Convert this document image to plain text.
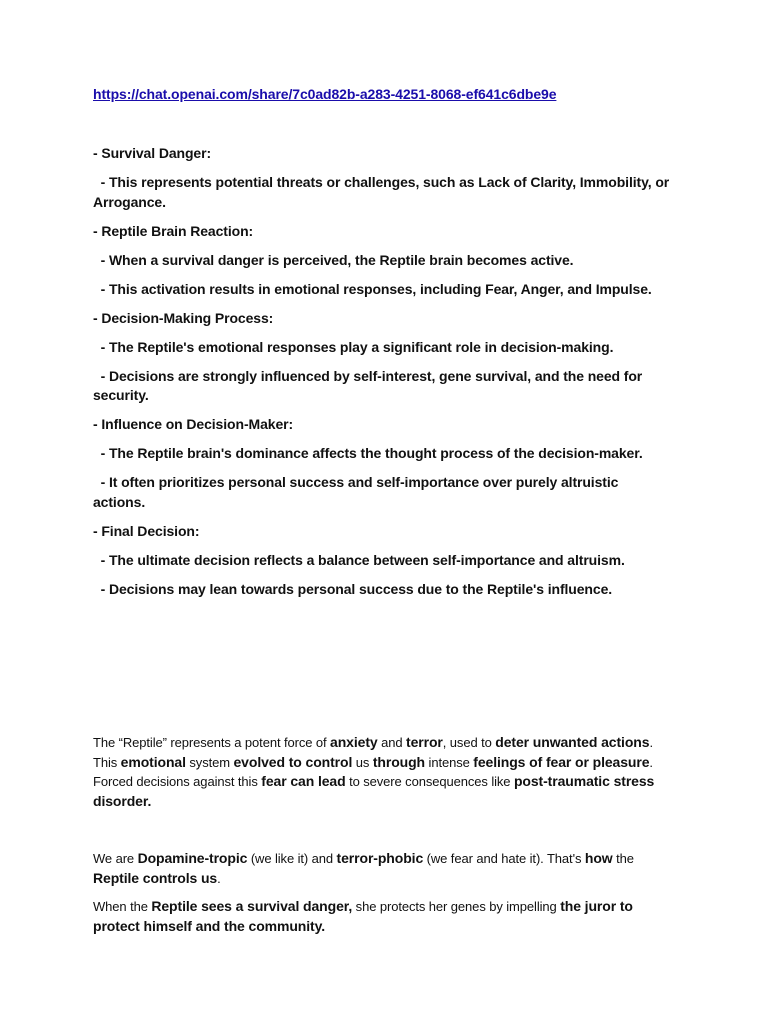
https://chat.openai.com/share/7c0ad82b-a283-4251-8068-ef641c6dbe9e

- Survival Danger:

- This represents potential threats or challenges, such as Lack of Clarity, Immobility, or Arrogance.

- Reptile Brain Reaction:

- When a survival danger is perceived, the Reptile brain becomes active.

- This activation results in emotional responses, including Fear, Anger, and Impulse.

- Decision-Making Process:

- The Reptile's emotional responses play a significant role in decision-making.

- Decisions are strongly influenced by self-interest, gene survival, and the need for security.

- Influence on Decision-Maker:

- The Reptile brain's dominance affects the thought process of the decision-maker.

- It often prioritizes personal success and self-importance over purely altruistic actions.

- Final Decision:

- The ultimate decision reflects a balance between self-importance and altruism.

- Decisions may lean towards personal success due to the Reptile's influence.

The “Reptile” represents a potent force of anxiety and terror, used to deter unwanted actions. This emotional system evolved to control us through intense feelings of fear or pleasure. Forced decisions against this fear can lead to severe consequences like post-traumatic stress disorder.

We are Dopamine-tropic (we like it) and terror-phobic (we fear and hate it). That's how the Reptile controls us.

When the Reptile sees a survival danger, she protects her genes by impelling the juror to protect himself and the community.
